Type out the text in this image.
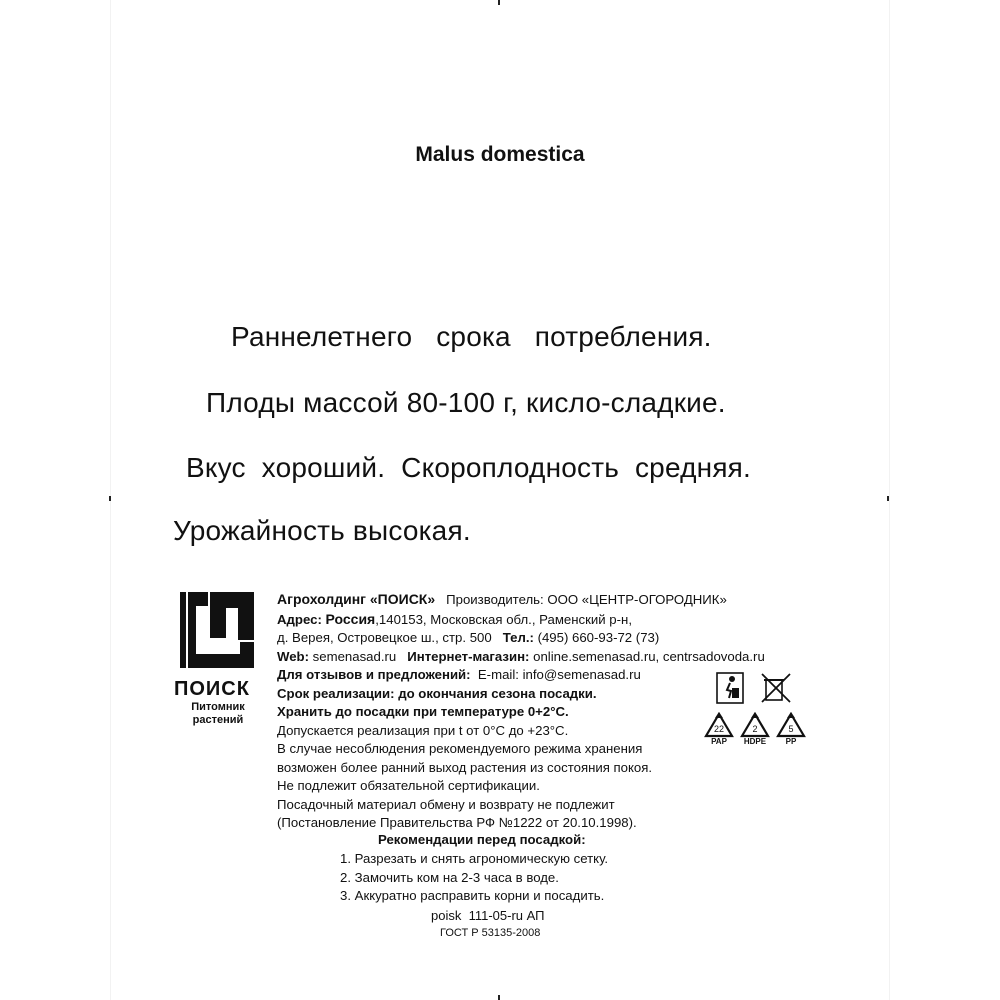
Malus domestica
Раннелетнего   срока   потребления.
Плоды массой 80-100 г, кисло-сладкие.
Вкус  хороший.  Скороплодность  средняя.
Урожайность высокая.
ПОИСК
Питомник
растений
Агрохолдинг «ПОИСК» Производитель: ООО «ЦЕНТР-ОГОРОДНИК»
Адрес: Россия,140153, Московская обл., Раменский р-н,
д. Верея, Островецкое ш., стр. 500 Тел.: (495) 660-93-72 (73)
Web: semenasad.ru Интернет-магазин: online.semenasad.ru, centrsadovoda.ru
Для отзывов и предложений: E-mail: info@semenasad.ru
Срок реализации: до окончания сезона посадки.
Хранить до посадки при температуре 0+2°С.
Допускается реализация при t от 0°С до +23°С.
В случае несоблюдения рекомендуемого режима хранения
возможен более ранний выход растения из состояния покоя.
Не подлежит обязательной сертификации.
Посадочный материал обмену и возврату не подлежит
(Постановление Правительства РФ №1222 от 20.10.1998).
22
PAP
2
HDPE
5
PP
Рекомендации перед посадкой:
1. Разрезать и снять агрономическую сетку.
2. Замочить ком на 2-3 часа в воде.
3. Аккуратно расправить корни и посадить.
poisk  111-05-ru АП
ГОСТ Р 53135-2008
